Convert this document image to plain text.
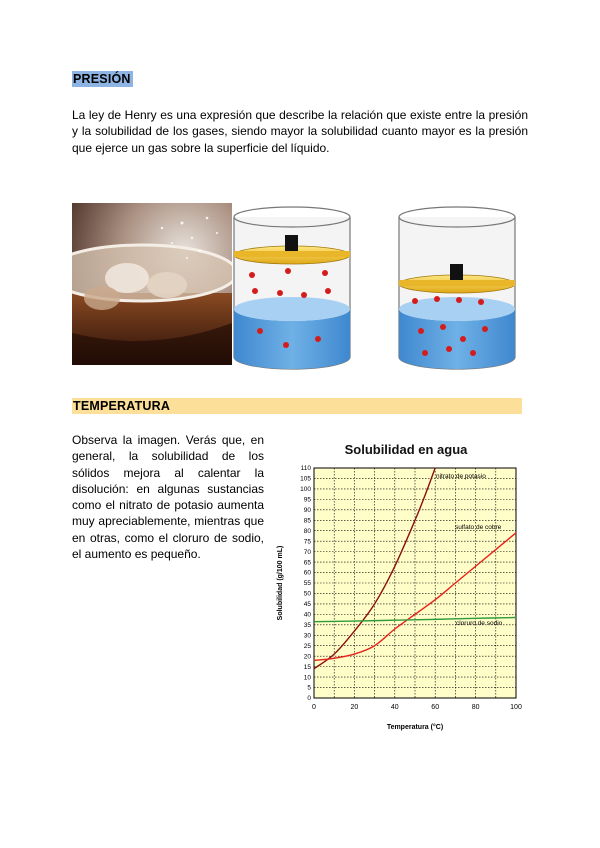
PRESIÓN
La ley de Henry es una expresión que describe la relación que existe entre la presión y la solubilidad de los gases, siendo mayor la solubilidad cuanto mayor es la presión que ejerce un gas sobre la superficie del líquido.
TEMPERATURA
Observa la imagen. Verás que, en general, la solubilidad de los sólidos mejora al calentar la disolución: en algunas sustancias como el nitrato de potasio aumenta muy apreciablemente, mientras que en otras, como el cloruro de sodio, el aumento es pequeño.
Solubilidad en agua
0
5
10
15
20
25
30
35
40
45
50
55
60
65
70
75
80
85
90
95
100
105
110
0	20	40	60	80	100
nitrato de potasio
sulfato de cobre
cloruro de sodio
Temperatura (°C)
Solubilidad (g/100 mL)
